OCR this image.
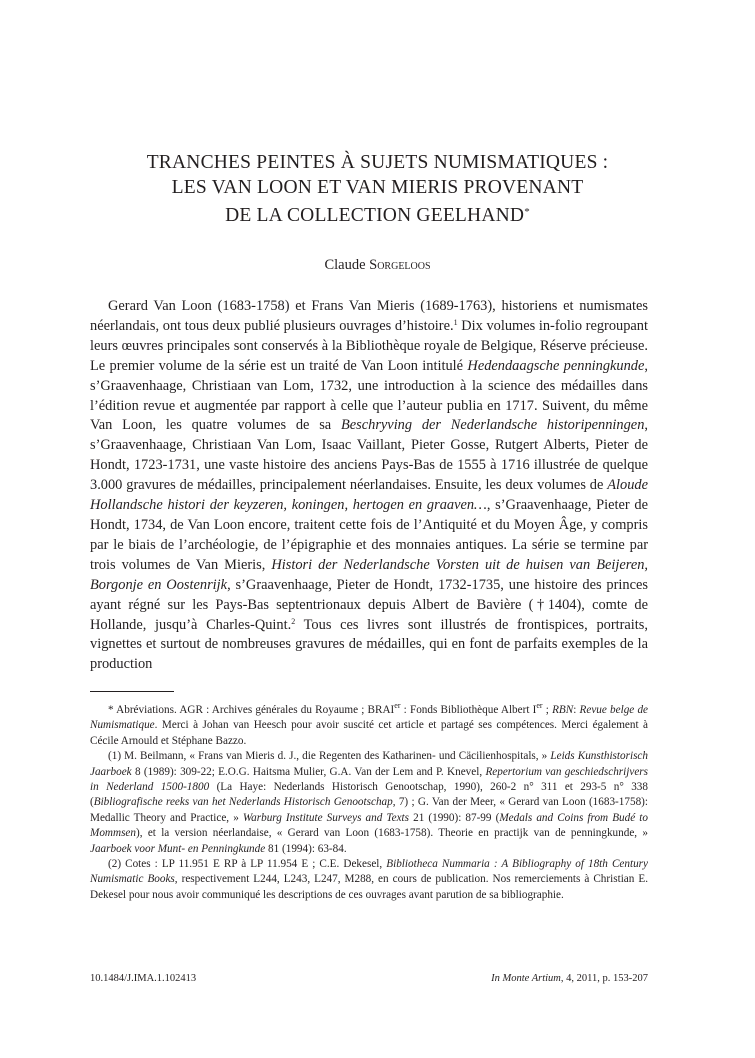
TRANCHES PEINTES À SUJETS NUMISMATIQUES :
LES VAN LOON ET VAN MIERIS PROVENANT
DE LA COLLECTION GEELHAND*
Claude Sorgeloos

Gerard Van Loon (1683-1758) et Frans Van Mieris (1689-1763), historiens et numismates néerlandais, ont tous deux publié plusieurs ouvrages d’histoire.$^1$ Dix volumes in-folio regroupant leurs œuvres principales sont conservés à la Bibliothèque royale de Belgique, Réserve précieuse. Le premier volume de la série est un traité de Van Loon intitulé Hedendaagsche penningkunde, s’Graavenhaage, Christiaan van Lom, 1732, une introduction à la science des médailles dans l’édition revue et augmentée par rapport à celle que l’auteur publia en 1717. Suivent, du même Van Loon, les quatre volumes de sa Beschryving der Nederlandsche historipenningen, s’Graavenhaage, Christiaan Van Lom, Isaac Vaillant, Pieter Gosse, Rutgert Alberts, Pieter de Hondt, 1723-1731, une vaste histoire des anciens Pays-Bas de 1555 à 1716 illustrée de quelque 3.000 gravures de médailles, principalement néerlandaises. Ensuite, les deux volumes de Aloude Hollandsche histori der keyzeren, koningen, hertogen en graaven…, s’Graavenhaage, Pieter de Hondt, 1734, de Van Loon encore, traitent cette fois de l’Antiquité et du Moyen Âge, y compris par le biais de l’archéologie, de l’épigraphie et des monnaies antiques. La série se termine par trois volumes de Van Mieris, Histori der Nederlandsche Vorsten uit de huisen van Beijeren, Borgonje en Oostenrijk, s’Graavenhaage, Pieter de Hondt, 1732-1735, une histoire des princes ayant régné sur les Pays-Bas septentrionaux depuis Albert de Bavière (†1404), comte de Hollande, jusqu’à Charles-Quint.$^2$ Tous ces livres sont illustrés de frontispices, portraits, vignettes et surtout de nombreuses gravures de médailles, qui en font de parfaits exemples de la production

* Abréviations. AGR : Archives générales du Royaume ; $BRAI^{er}$ : Fonds Bibliothèque Albert Ier ; RBN: Revue belge de Numismatique. Merci à Johan van Heesch pour avoir suscité cet article et partagé ses compétences. Merci également à Cécile Arnould et Stéphane Bazzo.

(1) M. Beilmann, « Frans van Mieris d. J., die Regenten des Katharinen- und Cäcilienhospitals, » Leids Kunsthistorisch Jaarboek 8 (1989): 309-22; E.O.G. Haitsma Mulier, G.A. Van der Lem and P. Knevel, Repertorium van geschiedschrijvers in Nederland 1500-1800 (La Haye: Nederlands Historisch Genootschap, 1990), 260-2 n° 311 et 293-5 n° 338 (Bibliografische reeks van het Nederlands Historisch Genootschap, 7) ; G. Van der Meer, « Gerard van Loon (1683-1758): Medallic Theory and Practice, » Warburg Institute Surveys and Texts 21 (1990): 87-99 (Medals and Coins from Budé to Mommsen), et la version néerlandaise, « Gerard van Loon (1683-1758). Theorie en practijk van de penningkunde, » Jaarboek voor Munt- en Penningkunde 81 (1994): 63-84.

(2) Cotes : LP 11.951 E RP à LP 11.954 E ; C.E. Dekesel, Bibliotheca Nummaria : A Bibliography of 18th Century Numismatic Books, respectivement L244, L243, L247, M288, en cours de publication. Nos remerciements à Christian E. Dekesel pour nous avoir communiqué les descriptions de ces ouvrages avant parution de sa bibliographie.

10.1484/J.IMA.1.102413	In Monte Artium, 4, 2011, p. 153-207
